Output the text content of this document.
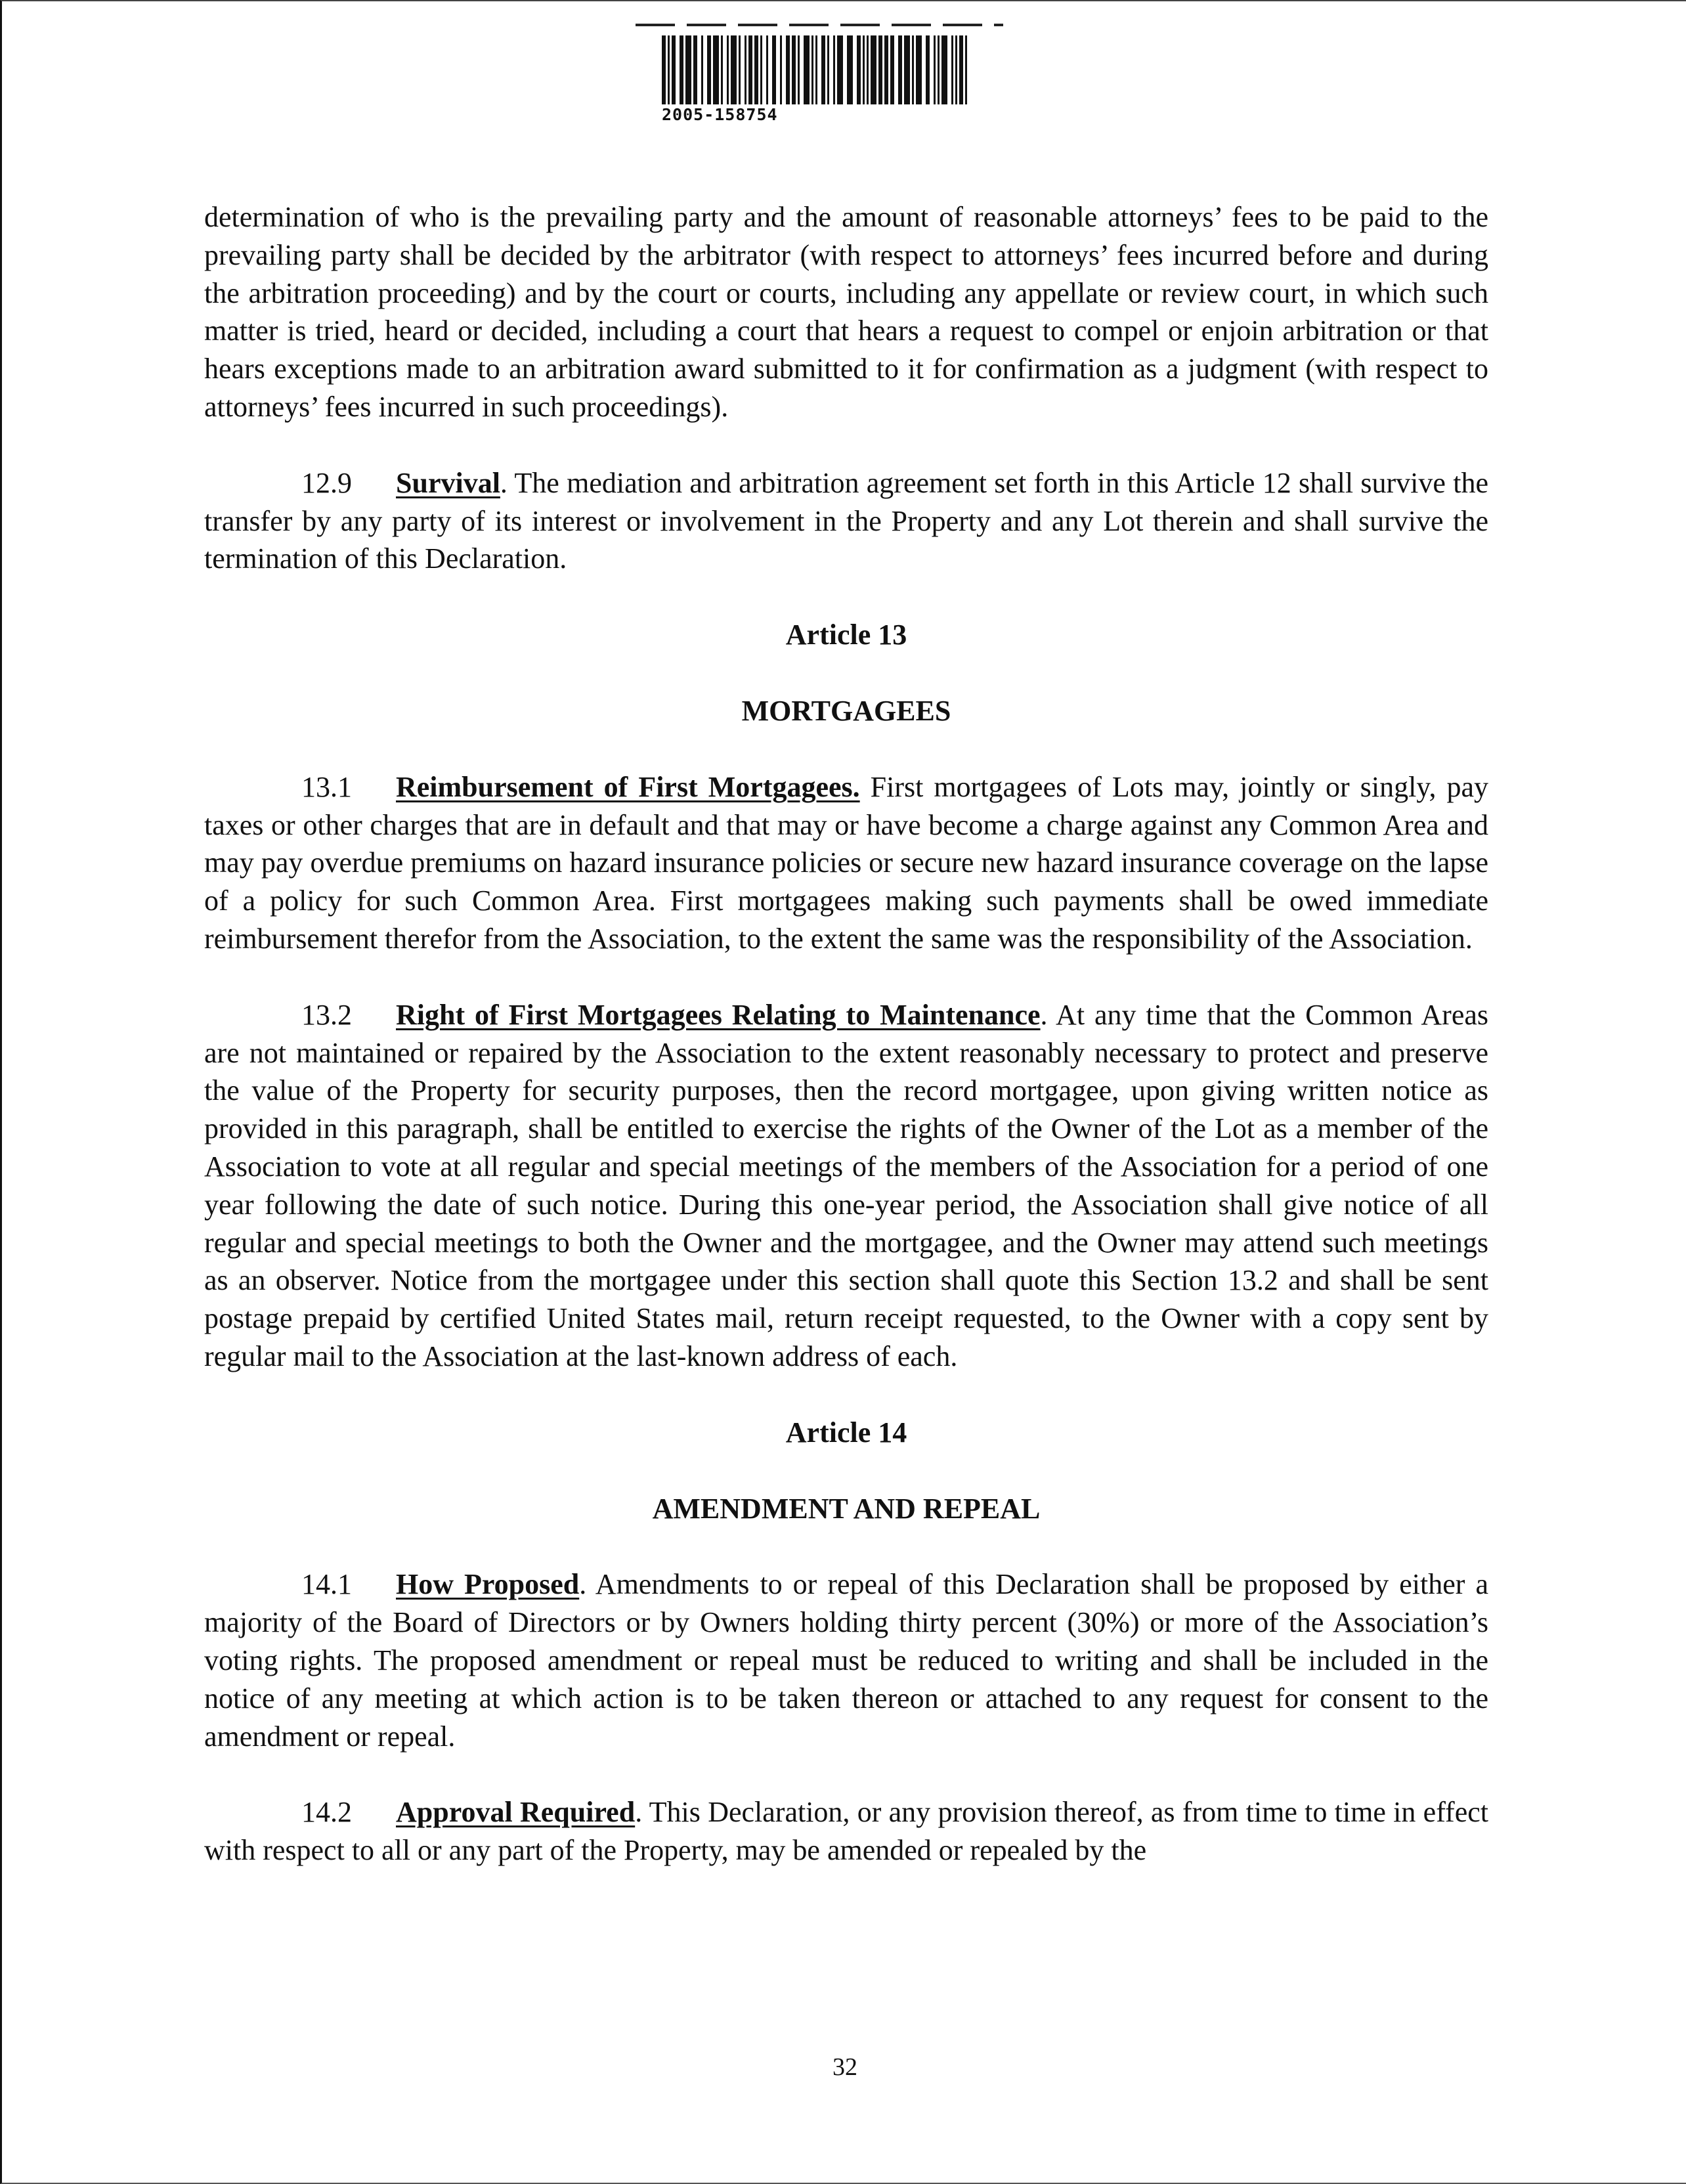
2005-158754

determination of who is the prevailing party and the amount of reasonable attorneys’ fees to be paid to the prevailing party shall be decided by the arbitrator (with respect to attorneys’ fees incurred before and during the arbitration proceeding) and by the court or courts, including any appellate or review court, in which such matter is tried, heard or decided, including a court that hears a request to compel or enjoin arbitration or that hears exceptions made to an arbitration award submitted to it for confirmation as a judgment (with respect to attorneys’ fees incurred in such proceedings).

12.9 Survival. The mediation and arbitration agreement set forth in this Article 12 shall survive the transfer by any party of its interest or involvement in the Property and any Lot therein and shall survive the termination of this Declaration.

Article 13
MORTGAGEES

13.1 Reimbursement of First Mortgagees. First mortgagees of Lots may, jointly or singly, pay taxes or other charges that are in default and that may or have become a charge against any Common Area and may pay overdue premiums on hazard insurance policies or secure new hazard insurance coverage on the lapse of a policy for such Common Area. First mortgagees making such payments shall be owed immediate reimbursement therefor from the Association, to the extent the same was the responsibility of the Association.

13.2 Right of First Mortgagees Relating to Maintenance. At any time that the Common Areas are not maintained or repaired by the Association to the extent reasonably necessary to protect and preserve the value of the Property for security purposes, then the record mortgagee, upon giving written notice as provided in this paragraph, shall be entitled to exercise the rights of the Owner of the Lot as a member of the Association to vote at all regular and special meetings of the members of the Association for a period of one year following the date of such notice. During this one-year period, the Association shall give notice of all regular and special meetings to both the Owner and the mortgagee, and the Owner may attend such meetings as an observer. Notice from the mortgagee under this section shall quote this Section 13.2 and shall be sent postage prepaid by certified United States mail, return receipt requested, to the Owner with a copy sent by regular mail to the Association at the last-known address of each.

Article 14
AMENDMENT AND REPEAL

14.1 How Proposed. Amendments to or repeal of this Declaration shall be proposed by either a majority of the Board of Directors or by Owners holding thirty percent (30%) or more of the Association’s voting rights. The proposed amendment or repeal must be reduced to writing and shall be included in the notice of any meeting at which action is to be taken thereon or attached to any request for consent to the amendment or repeal.

14.2 Approval Required. This Declaration, or any provision thereof, as from time to time in effect with respect to all or any part of the Property, may be amended or repealed by the

32
